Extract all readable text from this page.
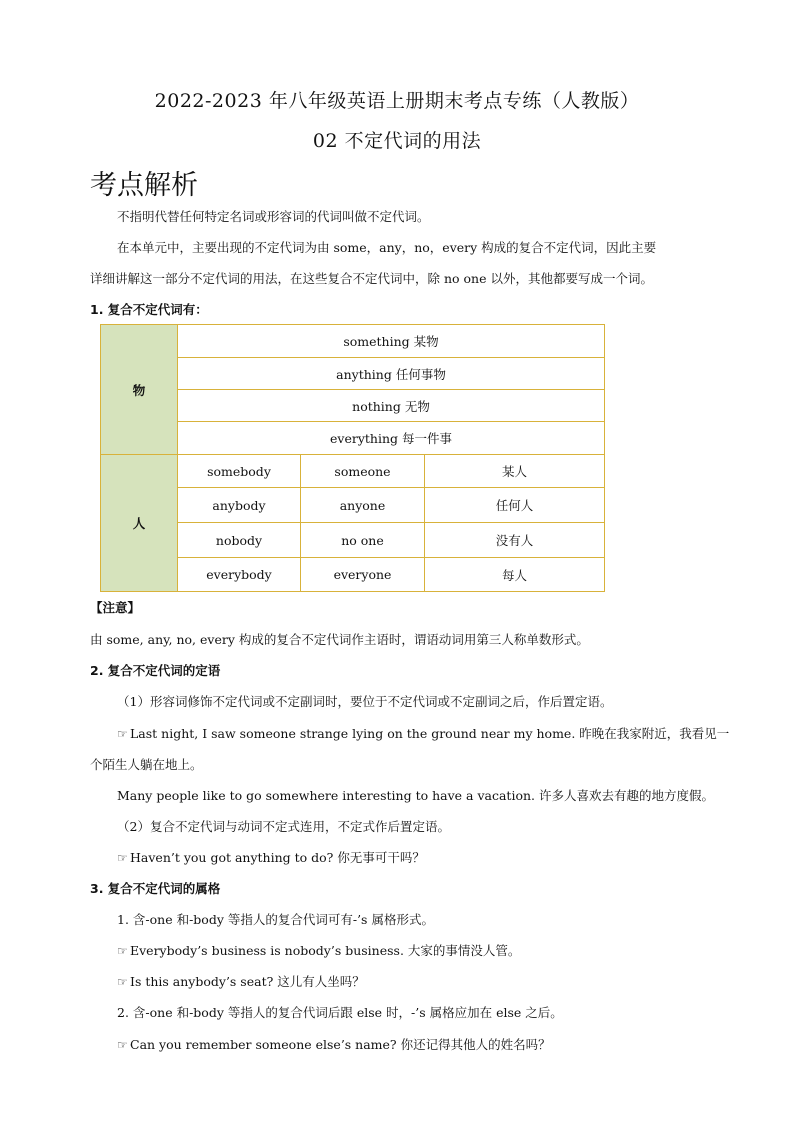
2022-2023 年八年级英语上册期末考点专练（人教版）
02 不定代词的用法
考点解析
不指明代替任何特定名词或形容词的代词叫做不定代词。
在本单元中，主要出现的不定代词为由 some，any，no，every 构成的复合不定代词，因此主要
详细讲解这一部分不定代词的用法，在这些复合不定代词中，除 no one 以外，其他都要写成一个词。
1. 复合不定代词有：
物
something 某物
anything 任何事物
nothing 无物
everything 每一件事
人
somebody	someone	某人
anybody	anyone	任何人
nobody	no one	没有人
everybody	everyone	每人
【注意】
由 some, any, no, every 构成的复合不定代词作主语时，谓语动词用第三人称单数形式。
2. 复合不定代词的定语
（1）形容词修饰不定代词或不定副词时，要位于不定代词或不定副词之后，作后置定语。
☞ Last night, I saw someone strange lying on the ground near my home. 昨晚在我家附近，我看见一
个陌生人躺在地上。
Many people like to go somewhere interesting to have a vacation. 许多人喜欢去有趣的地方度假。
（2）复合不定代词与动词不定式连用，不定式作后置定语。
☞ Haven’t you got anything to do? 你无事可干吗？
3. 复合不定代词的属格
1. 含-one 和-body 等指人的复合代词可有-’s 属格形式。
☞ Everybody’s business is nobody’s business. 大家的事情没人管。
☞ Is this anybody’s seat? 这儿有人坐吗？
2. 含-one 和-body 等指人的复合代词后跟 else 时，-’s 属格应加在 else 之后。
☞ Can you remember someone else’s name? 你还记得其他人的姓名吗？
